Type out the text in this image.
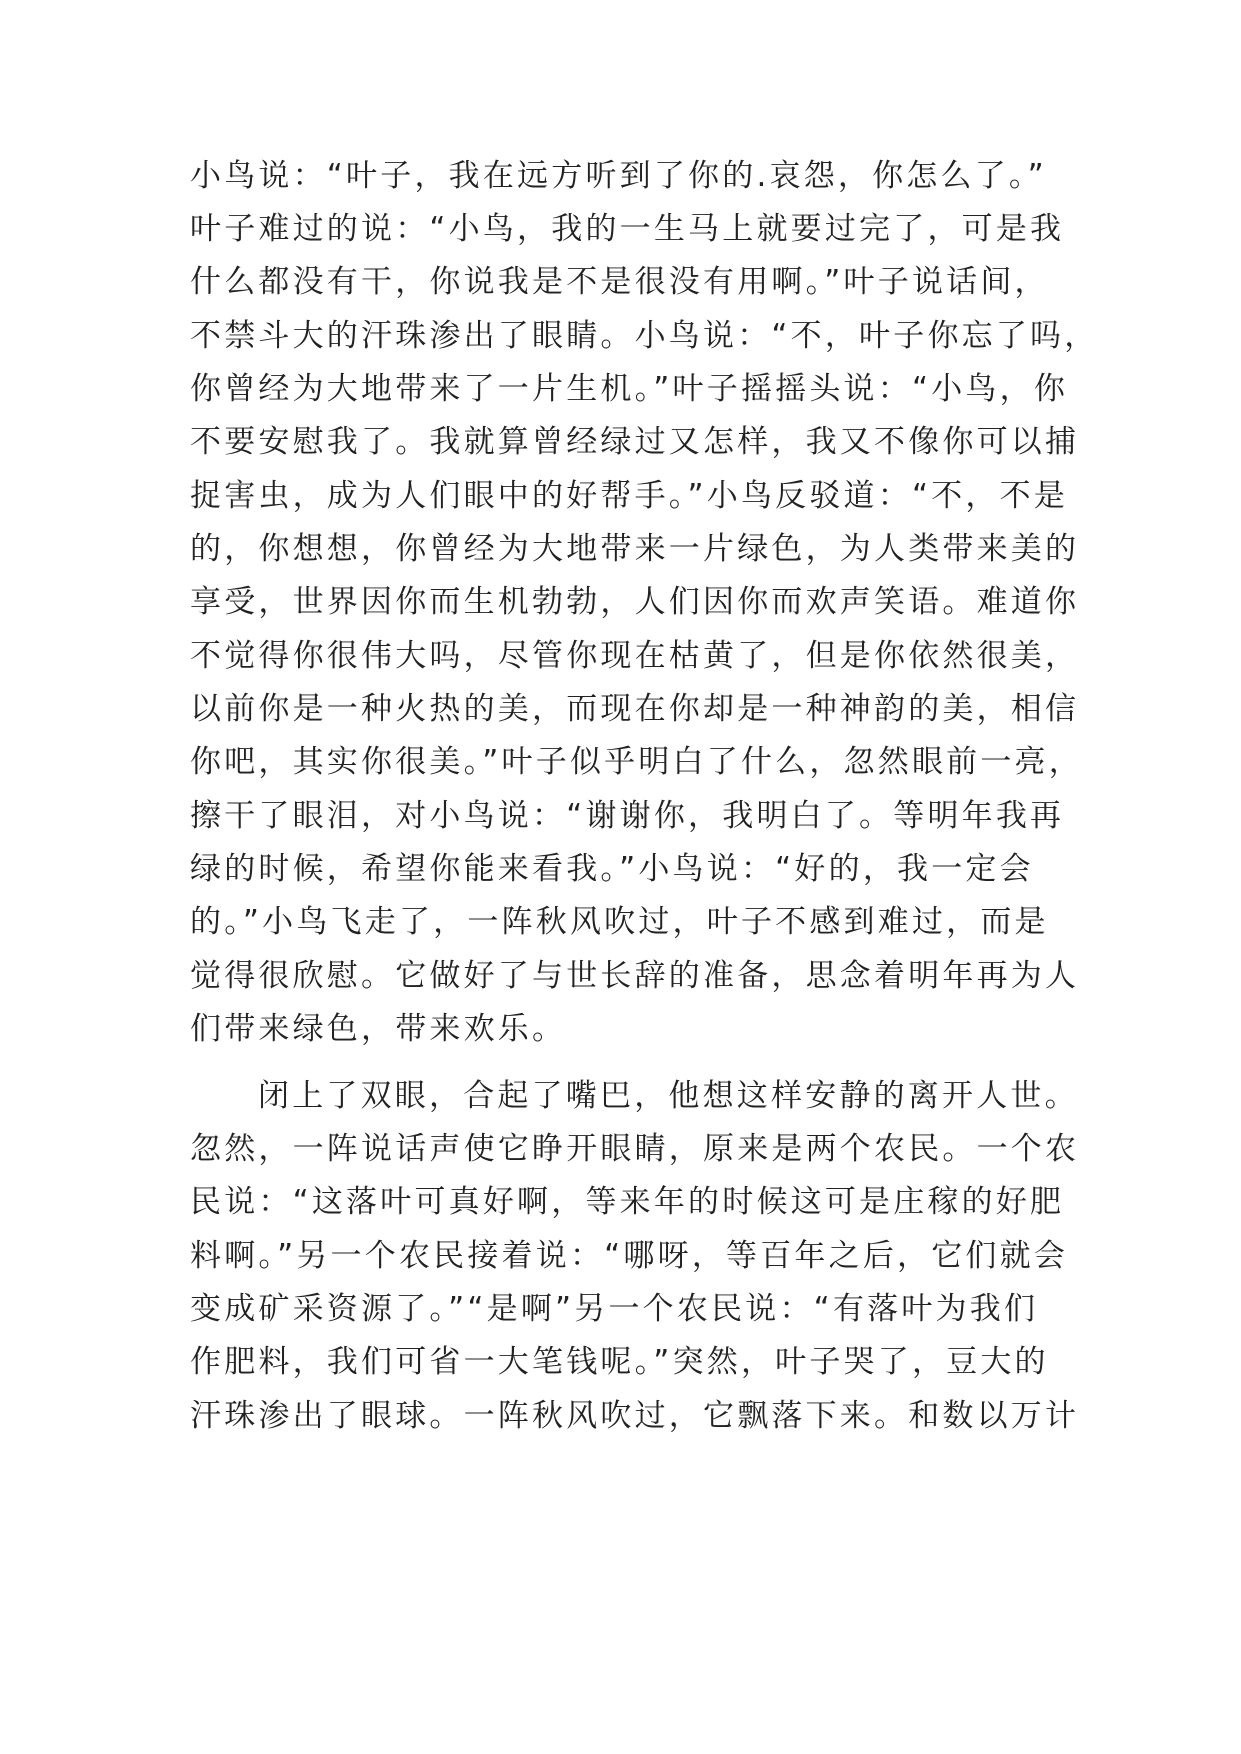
小鸟说：“叶子，我在远方听到了你的.哀怨，你怎么了。”
叶子难过的说：“小鸟，我的一生马上就要过完了，可是我
什么都没有干，你说我是不是很没有用啊。”叶子说话间，
不禁斗大的汗珠渗出了眼睛。小鸟说：“不，叶子你忘了吗，
你曾经为大地带来了一片生机。”叶子摇摇头说：“小鸟，你
不要安慰我了。我就算曾经绿过又怎样，我又不像你可以捕
捉害虫，成为人们眼中的好帮手。”小鸟反驳道：“不，不是
的，你想想，你曾经为大地带来一片绿色，为人类带来美的
享受，世界因你而生机勃勃，人们因你而欢声笑语。难道你
不觉得你很伟大吗，尽管你现在枯黄了，但是你依然很美，
以前你是一种火热的美，而现在你却是一种神韵的美，相信
你吧，其实你很美。”叶子似乎明白了什么，忽然眼前一亮，
擦干了眼泪，对小鸟说：“谢谢你，我明白了。等明年我再
绿的时候，希望你能来看我。”小鸟说：“好的，我一定会
的。”小鸟飞走了，一阵秋风吹过，叶子不感到难过，而是
觉得很欣慰。它做好了与世长辞的准备，思念着明年再为人
们带来绿色，带来欢乐。
闭上了双眼，合起了嘴巴，他想这样安静的离开人世。
忽然，一阵说话声使它睁开眼睛，原来是两个农民。一个农
民说：“这落叶可真好啊，等来年的时候这可是庄稼的好肥
料啊。”另一个农民接着说：“哪呀，等百年之后，它们就会
变成矿采资源了。”“是啊”另一个农民说：“有落叶为我们
作肥料，我们可省一大笔钱呢。”突然，叶子哭了，豆大的
汗珠渗出了眼球。一阵秋风吹过，它飘落下来。和数以万计
